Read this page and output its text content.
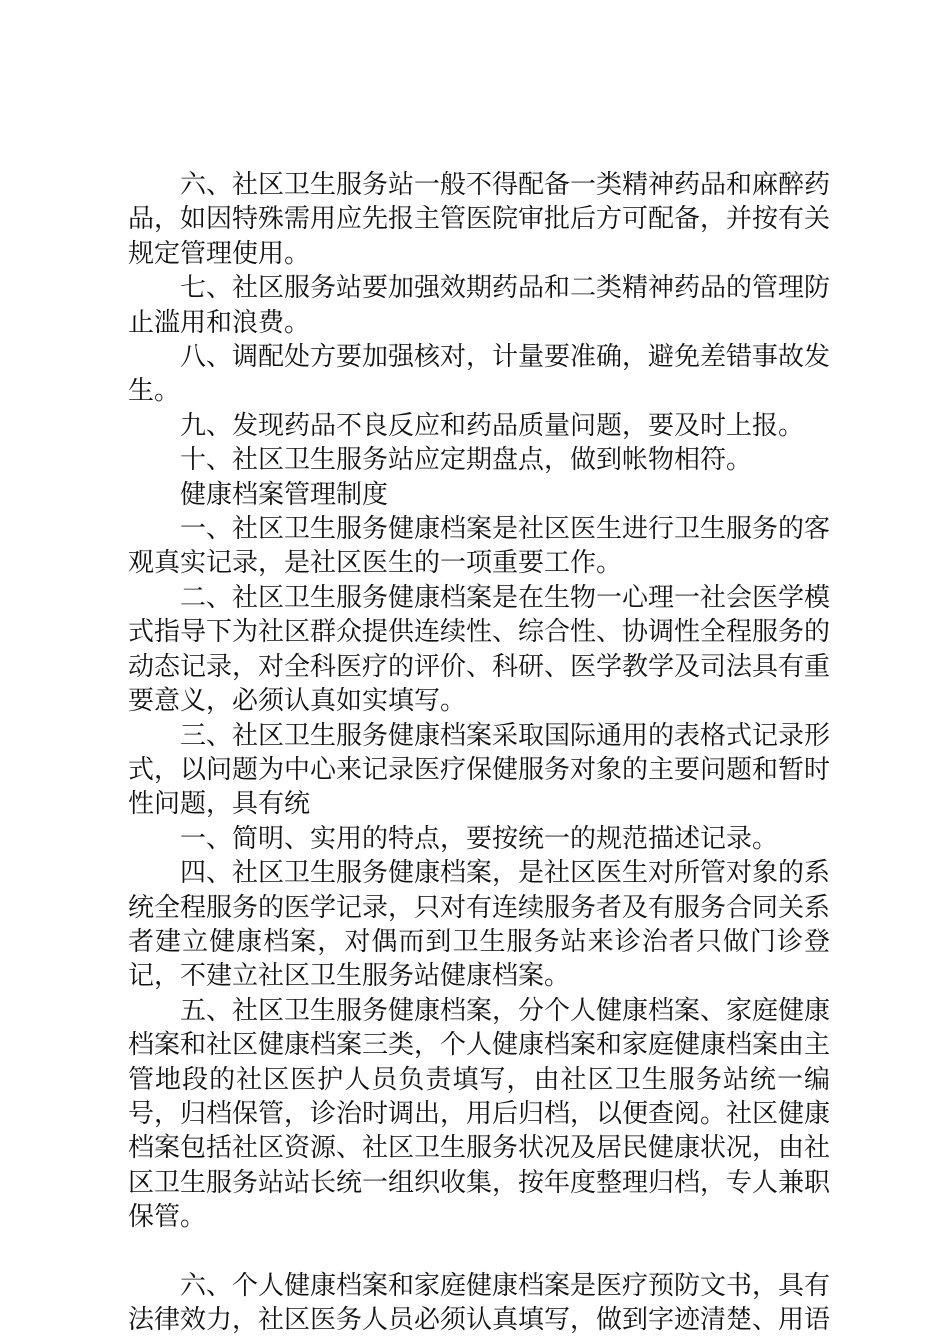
六、社区卫生服务站一般不得配备一类精神药品和麻醉药品，如因特殊需用应先报主管医院审批后方可配备，并按有关规定管理使用。

七、社区服务站要加强效期药品和二类精神药品的管理防止滥用和浪费。

八、调配处方要加强核对，计量要准确，避免差错事故发生。

九、发现药品不良反应和药品质量问题，要及时上报。

十、社区卫生服务站应定期盘点，做到帐物相符。

健康档案管理制度

一、社区卫生服务健康档案是社区医生进行卫生服务的客观真实记录，是社区医生的一项重要工作。

二、社区卫生服务健康档案是在生物一心理一社会医学模式指导下为社区群众提供连续性、综合性、协调性全程服务的动态记录，对全科医疗的评价、科研、医学教学及司法具有重要意义，必须认真如实填写。

三、社区卫生服务健康档案采取国际通用的表格式记录形式，以问题为中心来记录医疗保健服务对象的主要问题和暂时性问题，具有统

一、简明、实用的特点，要按统一的规范描述记录。

四、社区卫生服务健康档案，是社区医生对所管对象的系统全程服务的医学记录，只对有连续服务者及有服务合同关系者建立健康档案，对偶而到卫生服务站来诊治者只做门诊登记，不建立社区卫生服务站健康档案。

五、社区卫生服务健康档案，分个人健康档案、家庭健康档案和社区健康档案三类，个人健康档案和家庭健康档案由主管地段的社区医护人员负责填写，由社区卫生服务站统一编号，归档保管，诊治时调出，用后归档，以便查阅。社区健康档案包括社区资源、社区卫生服务状况及居民健康状况，由社区卫生服务站站长统一组织收集，按年度整理归档，专人兼职保管。

六、个人健康档案和家庭健康档案是医疗预防文书，具有法律效力，社区医务人员必须认真填写，做到字迹清楚、用语
